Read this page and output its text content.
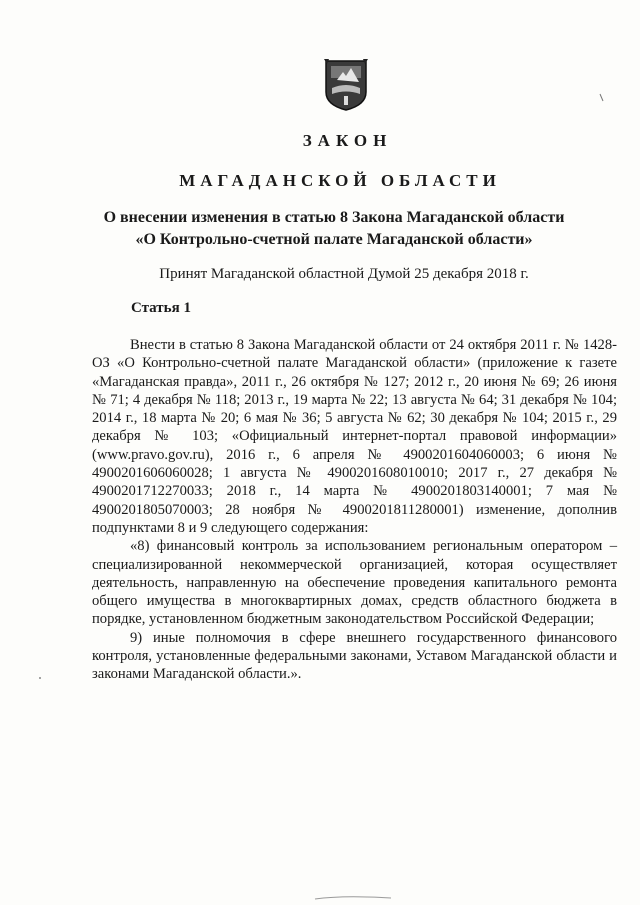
ЗАКОН
МАГАДАНСКОЙ ОБЛАСТИ
О внесении изменения в статью 8 Закона Магаданской области
«О Контрольно-счетной палате Магаданской области»
Принят Магаданской областной Думой 25 декабря 2018 г.
Статья 1

Внести в статью 8 Закона Магаданской области от 24 октября 2011 г. № 1428-ОЗ «О Контрольно-счетной палате Магаданской области» (приложение к газете «Магаданская правда», 2011 г., 26 октября № 127; 2012 г., 20 июня № 69; 26 июня № 71; 4 декабря № 118; 2013 г., 19 марта № 22; 13 августа № 64; 31 декабря № 104; 2014 г., 18 марта № 20; 6 мая № 36; 5 августа № 62; 30 декабря № 104; 2015 г., 29 декабря № 103; «Официальный интернет-портал правовой информации» (www.pravo.gov.ru), 2016 г., 6 апреля № 4900201604060003; 6 июня № 4900201606060028; 1 августа № 4900201608010010; 2017 г., 27 декабря № 4900201712270033; 2018 г., 14 марта № 4900201803140001; 7 мая № 4900201805070003; 28 ноября № 4900201811280001) изменение, дополнив подпунктами 8 и 9 следующего содержания:

«8) финансовый контроль за использованием региональным оператором – специализированной некоммерческой организацией, которая осуществляет деятельность, направленную на обеспечение проведения капитального ремонта общего имущества в многоквартирных домах, средств областного бюджета в порядке, установленном бюджетным законодательством Российской Федерации;

9) иные полномочия в сфере внешнего государственного финансового контроля, установленные федеральными законами, Уставом Магаданской области и законами Магаданской области.».
